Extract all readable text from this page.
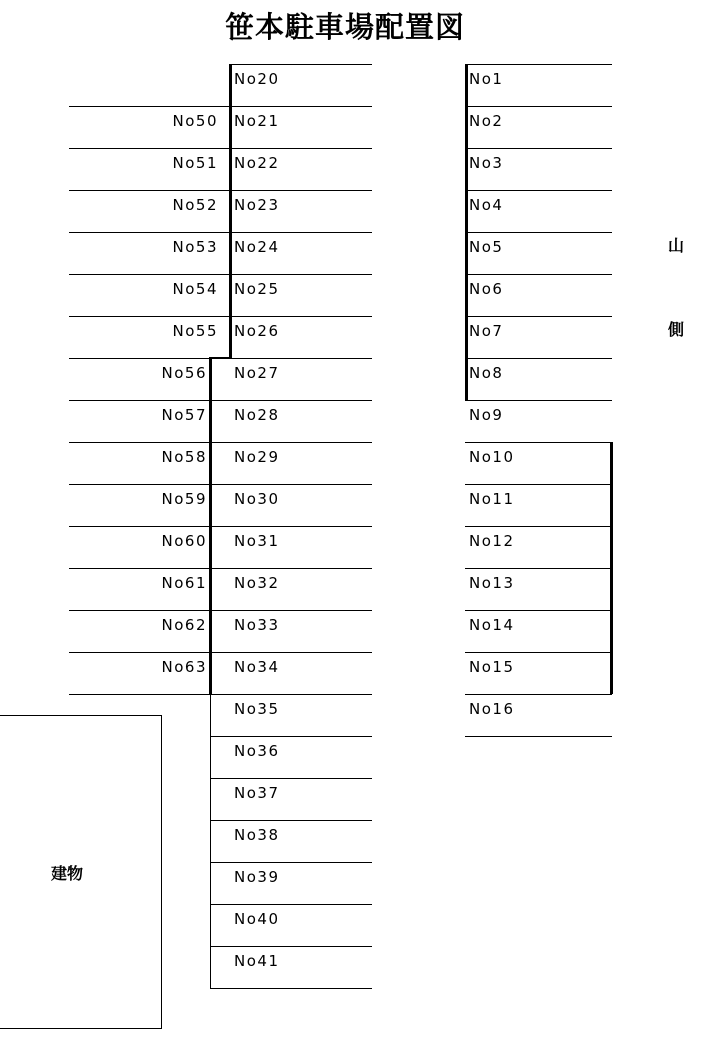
笹本駐車場配置図
No50
No51
No52
No53
No54
No55
No56
No57
No58
No59
No60
No61
No62
No63
No20
No21
No22
No23
No24
No25
No26
No27
No28
No29
No30
No31
No32
No33
No34
No35
No36
No37
No38
No39
No40
No41
No1
No2
No3
No4
No5
No6
No7
No8
No9
No10
No11
No12
No13
No14
No15
No16
山
側
建物
